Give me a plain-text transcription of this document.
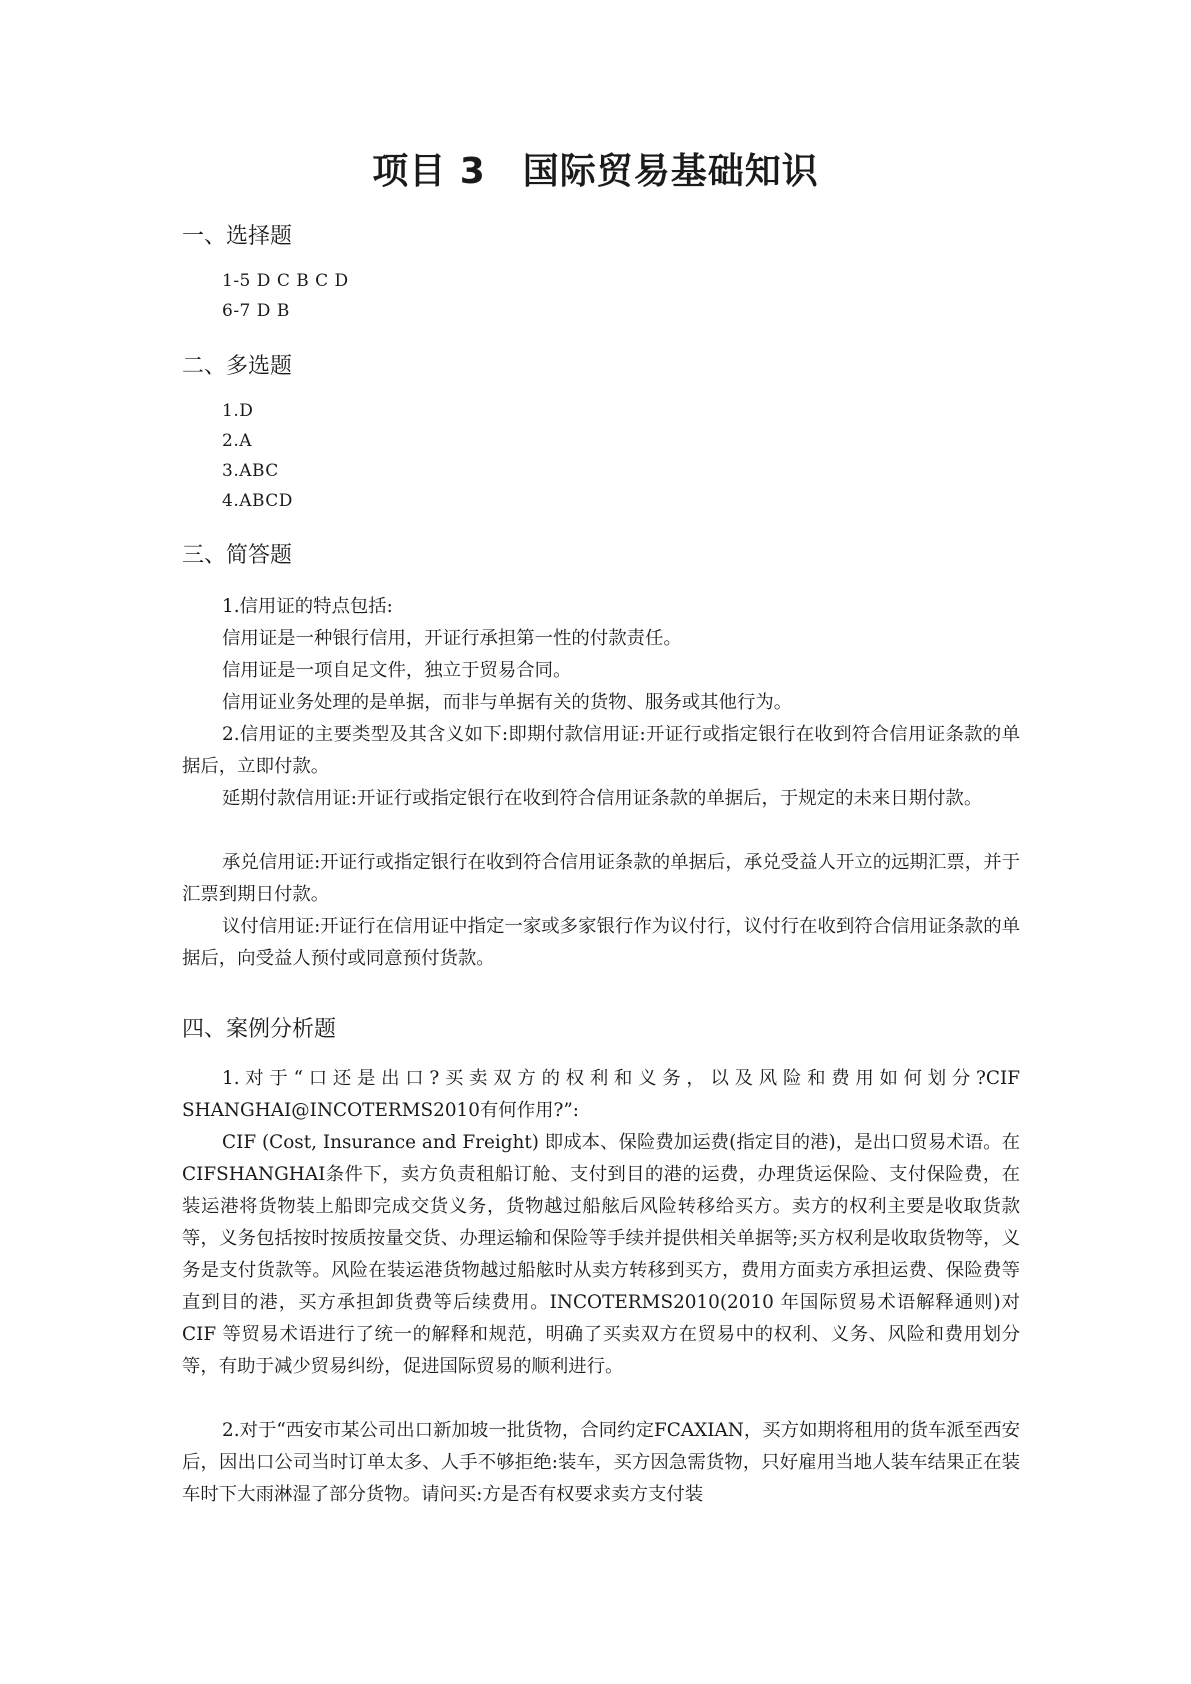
项目 3　国际贸易基础知识
一、选择题
1-5 D C B C D
6-7 D B
二、多选题
1.D
2.A
3.ABC
4.ABCD
三、简答题

1.信用证的特点包括:

信用证是一种银行信用，开证行承担第一性的付款责任。

信用证是一项自足文件，独立于贸易合同。

信用证业务处理的是单据，而非与单据有关的货物、服务或其他行为。

2.信用证的主要类型及其含义如下:即期付款信用证:开证行或指定银行在收到符合信用证条款的单据后，立即付款。

延期付款信用证:开证行或指定银行在收到符合信用证条款的单据后，于规定的未来日期付款。

承兑信用证:开证行或指定银行在收到符合信用证条款的单据后，承兑受益人开立的远期汇票，并于汇票到期日付款。

议付信用证:开证行在信用证中指定一家或多家银行作为议付行，议付行在收到符合信用证条款的单据后，向受益人预付或同意预付货款。

四、案例分析题

1.对于“口还是出口?买卖双方的权利和义务，以及风险和费用如何划分?CIF SHANGHAI@INCOTERMS2010有何作用?”:

CIF (Cost, Insurance and Freight) 即成本、保险费加运费(指定目的港)，是出口贸易术语。在CIFSHANGHAI条件下，卖方负责租船订舱、支付到目的港的运费，办理货运保险、支付保险费，在装运港将货物装上船即完成交货义务，货物越过船舷后风险转移给买方。卖方的权利主要是收取货款等，义务包括按时按质按量交货、办理运输和保险等手续并提供相关单据等;买方权利是收取货物等，义务是支付货款等。风险在装运港货物越过船舷时从卖方转移到买方，费用方面卖方承担运费、保险费等直到目的港，买方承担卸货费等后续费用。INCOTERMS2010(2010 年国际贸易术语解释通则)对 CIF 等贸易术语进行了统一的解释和规范，明确了买卖双方在贸易中的权利、义务、风险和费用划分等，有助于减少贸易纠纷，促进国际贸易的顺利进行。

2.对于“西安市某公司出口新加坡一批货物，合同约定FCAXIAN，买方如期将租用的货车派至西安后，因出口公司当时订单太多、人手不够拒绝:装车，买方因急需货物，只好雇用当地人装车结果正在装车时下大雨淋湿了部分货物。请问买:方是否有权要求卖方支付装
